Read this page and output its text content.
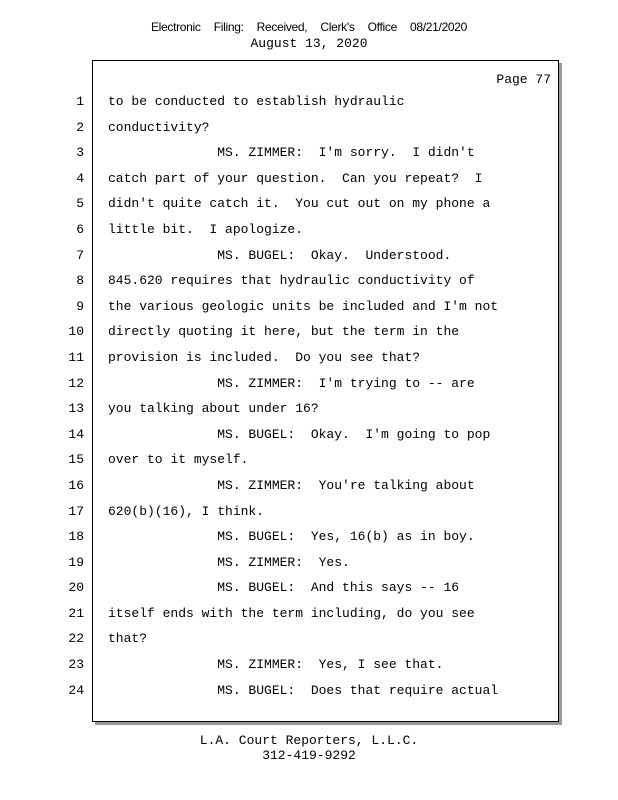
Electronic Filing: Received, Clerk's Office 08/21/2020
August 13, 2020
Page 77
1 to be conducted to establish hydraulic
2 conductivity?
3 MS. ZIMMER:  I'm sorry.  I didn't
4 catch part of your question.  Can you repeat?  I
5 didn't quite catch it.  You cut out on my phone a
6 little bit.  I apologize.
7 MS. BUGEL:  Okay.  Understood.
8 845.620 requires that hydraulic conductivity of
9 the various geologic units be included and I'm not
10 directly quoting it here, but the term in the
11 provision is included.  Do you see that?
12 MS. ZIMMER:  I'm trying to -- are
13 you talking about under 16?
14 MS. BUGEL:  Okay.  I'm going to pop
15 over to it myself.
16 MS. ZIMMER:  You're talking about
17 620(b)(16), I think.
18 MS. BUGEL:  Yes, 16(b) as in boy.
19 MS. ZIMMER:  Yes.
20 MS. BUGEL:  And this says -- 16
21 itself ends with the term including, do you see
22 that?
23 MS. ZIMMER:  Yes, I see that.
24 MS. BUGEL:  Does that require actual
L.A. Court Reporters, L.L.C.
312-419-9292
